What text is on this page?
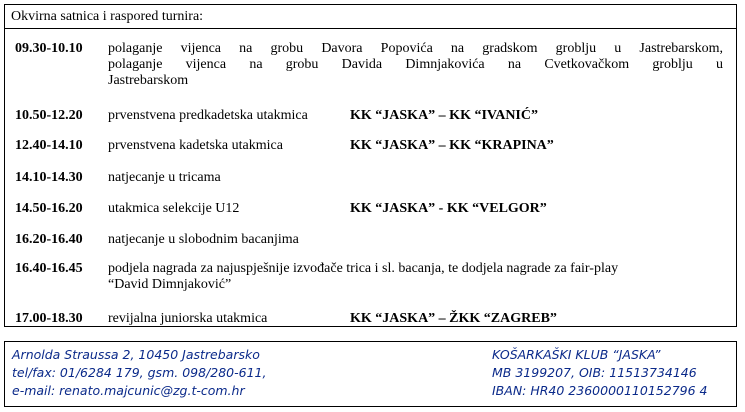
Okvirna satnica i raspored turnira:
09.30-10.10 polaganje vijenca na grobu Davora Popovića na gradskom groblju u Jastrebarskom,
polaganje vijenca na grobu Davida Dimnjakovića na Cvetkovačkom groblju u
Jastrebarskom
10.50-12.20 prvenstvena predkadetska utakmica	KK “JASKA” – KK “IVANIĆ”
12.40-14.10 prvenstvena kadetska utakmica	KK “JASKA” – KK “KRAPINA”
14.10-14.30 natjecanje u tricama
14.50-16.20 utakmica selekcije U12	KK “JASKA” - KK “VELGOR”
16.20-16.40 natjecanje u slobodnim bacanjima
16.40-16.45 podjela nagrada za najuspješnije izvođače trica i sl. bacanja, te dodjela nagrade za fair-play
“David Dimnjaković”
17.00-18.30 revijalna juniorska utakmica	KK “JASKA” – ŽKK “ZAGREB”
Arnolda Straussa 2, 10450 Jastrebarsko
tel/fax: 01/6284 179, gsm. 098/280-611,
e-mail: renato.majcunic@zg.t-com.hr
KOŠARKAŠKI KLUB “JASKA”
MB 3199207, OIB: 11513734146
IBAN: HR40 2360000110152796 4
